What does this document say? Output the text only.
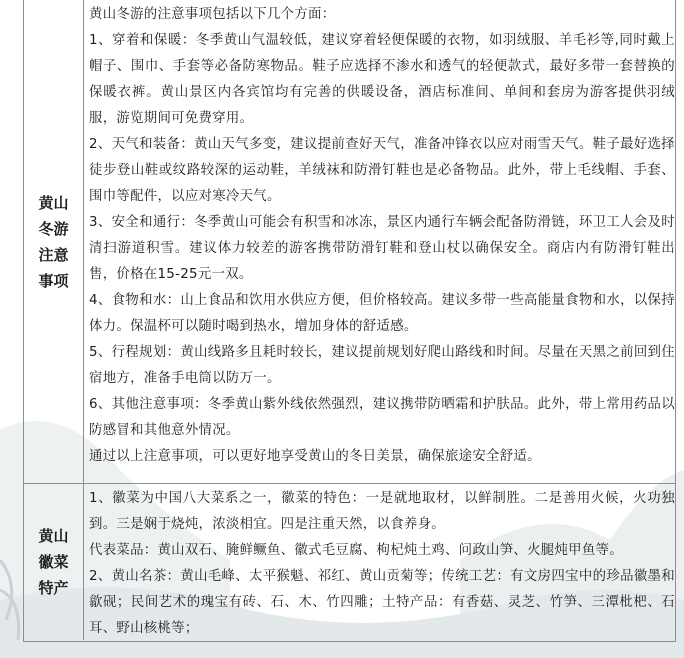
黄山冬游注意事项

黄山冬游的注意事项包括以下几个方面：

1、穿着和保暖：冬季黄山气温较低，建议穿着轻便保暖的衣物，如羽绒服、羊毛衫等,同时戴上帽子、围巾、手套等必备防寒物品。鞋子应选择不渗水和透气的轻便款式，最好多带一套替换的保暖衣裤。黄山景区内各宾馆均有完善的供暖设备，酒店标准间、单间和套房为游客提供羽绒服，游览期间可免费穿用。

2、天气和装备：黄山天气多变，建议提前查好天气，准备冲锋衣以应对雨雪天气。鞋子最好选择徒步登山鞋或纹路较深的运动鞋，羊绒袜和防滑钉鞋也是必备物品。此外，带上毛线帽、手套、围巾等配件，以应对寒冷天气。

3、安全和通行：冬季黄山可能会有积雪和冰冻，景区内通行车辆会配备防滑链，环卫工人会及时清扫游道积雪。建议体力较差的游客携带防滑钉鞋和登山杖以确保安全。商店内有防滑钉鞋出售，价格在15-25元一双。

4、食物和水：山上食品和饮用水供应方便，但价格较高。建议多带一些高能量食物和水，以保持体力。保温杯可以随时喝到热水，增加身体的舒适感。

5、行程规划：黄山线路多且耗时较长，建议提前规划好爬山路线和时间。尽量在天黑之前回到住宿地方，准备手电筒以防万一。

6、其他注意事项：冬季黄山紫外线依然强烈，建议携带防晒霜和护肤品。此外，带上常用药品以防感冒和其他意外情况。

通过以上注意事项，可以更好地享受黄山的冬日美景，确保旅途安全舒适。

黄山徽菜特产

1、徽菜为中国八大菜系之一，徽菜的特色：一是就地取材，以鲜制胜。二是善用火候，火功独到。三是娴于烧炖，浓淡相宜。四是注重天然，以食养身。

代表菜品：黄山双石、腌鲜鳜鱼、徽式毛豆腐、枸杞炖土鸡、问政山笋、火腿炖甲鱼等。

2、黄山名茶：黄山毛峰、太平猴魁、祁红、黄山贡菊等；传统工艺：有文房四宝中的珍品徽墨和歙砚；民间艺术的瑰宝有砖、石、木、竹四雕；土特产品：有香菇、灵芝、竹笋、三潭枇杷、石耳、野山核桃等；
